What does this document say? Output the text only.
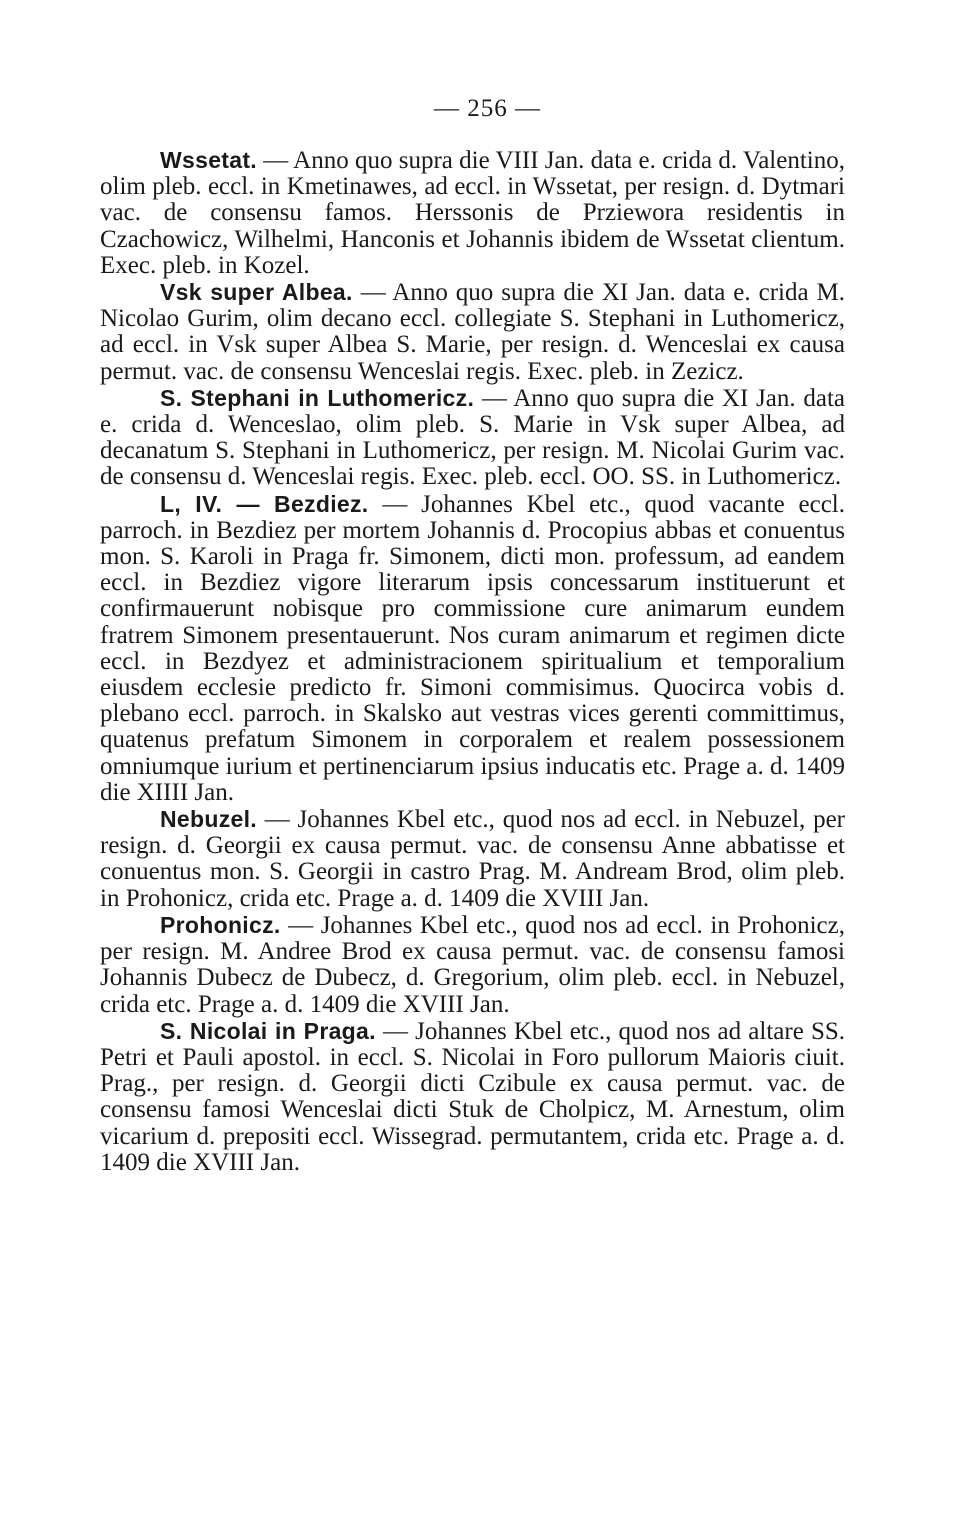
— 256 —

Wssetat. — Anno quo supra die VIII Jan. data e. crida d. Valentino, olim pleb. eccl. in Kmetinawes, ad eccl. in Wssetat, per resign. d. Dytmari vac. de consensu famos. Herssonis de Prziewora residentis in Czachowicz, Wilhelmi, Hanconis et Johannis ibidem de Wssetat clientum. Exec. pleb. in Kozel.

Vsk super Albea. — Anno quo supra die XI Jan. data e. crida M. Nicolao Gurim, olim decano eccl. collegiate S. Stephani in Luthomericz, ad eccl. in Vsk super Albea S. Marie, per resign. d. Wenceslai ex causa permut. vac. de consensu Wenceslai regis. Exec. pleb. in Zezicz.

S. Stephani in Luthomericz. — Anno quo supra die XI Jan. data e. crida d. Wenceslao, olim pleb. S. Marie in Vsk super Albea, ad decanatum S. Stephani in Luthomericz, per resign. M. Nicolai Gurim vac. de consensu d. Wenceslai regis. Exec. pleb. eccl. OO. SS. in Luthomericz.

L, IV. — Bezdiez. — Johannes Kbel etc., quod vacante eccl. parroch. in Bezdiez per mortem Johannis d. Procopius abbas et conuentus mon. S. Karoli in Praga fr. Simonem, dicti mon. professum, ad eandem eccl. in Bezdiez vigore literarum ipsis concessarum instituerunt et confirmauerunt nobisque pro commissione cure animarum eundem fratrem Simonem presentauerunt. Nos curam animarum et regimen dicte eccl. in Bezdyez et administracionem spiritualium et temporalium eiusdem ecclesie predicto fr. Simoni commisimus. Quocirca vobis d. plebano eccl. parroch. in Skalsko aut vestras vices gerenti committimus, quatenus prefatum Simonem in corporalem et realem possessionem omniumque iurium et pertinenciarum ipsius inducatis etc. Prage a. d. 1409 die XIIII Jan.

Nebuzel. — Johannes Kbel etc., quod nos ad eccl. in Nebuzel, per resign. d. Georgii ex causa permut. vac. de consensu Anne abbatisse et conuentus mon. S. Georgii in castro Prag. M. Andream Brod, olim pleb. in Prohonicz, crida etc. Prage a. d. 1409 die XVIII Jan.

Prohonicz. — Johannes Kbel etc., quod nos ad eccl. in Prohonicz, per resign. M. Andree Brod ex causa permut. vac. de consensu famosi Johannis Dubecz de Dubecz, d. Gregorium, olim pleb. eccl. in Nebuzel, crida etc. Prage a. d. 1409 die XVIII Jan.

S. Nicolai in Praga. — Johannes Kbel etc., quod nos ad altare SS. Petri et Pauli apostol. in eccl. S. Nicolai in Foro pullorum Maioris ciuit. Prag., per resign. d. Georgii dicti Czibule ex causa permut. vac. de consensu famosi Wenceslai dicti Stuk de Cholpicz, M. Arnestum, olim vicarium d. prepositi eccl. Wissegrad. permutantem, crida etc. Prage a. d. 1409 die XVIII Jan.
